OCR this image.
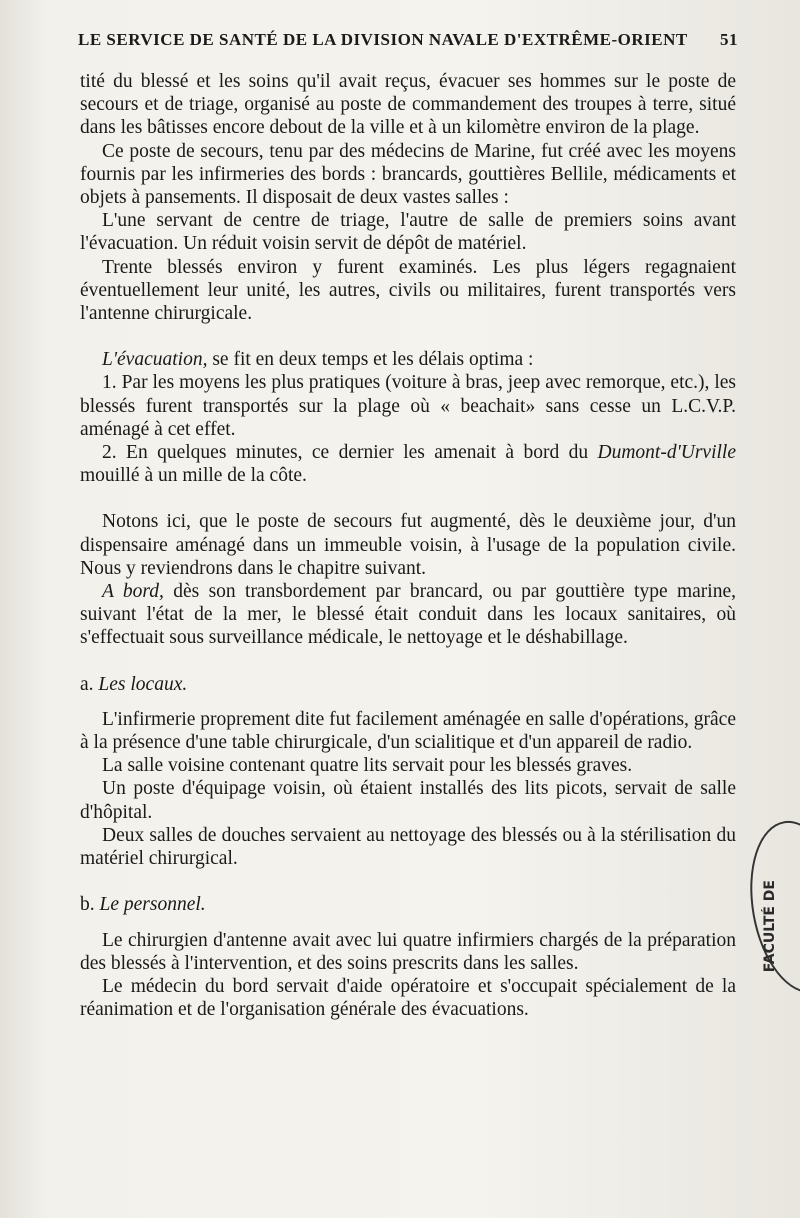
LE SERVICE DE SANTÉ DE LA DIVISION NAVALE D'EXTRÊME-ORIENT 51

tité du blessé et les soins qu'il avait reçus, évacuer ses hommes sur le poste de secours et de triage, organisé au poste de commandement des troupes à terre, situé dans les bâtisses encore debout de la ville et à un kilomètre environ de la plage.

Ce poste de secours, tenu par des médecins de Marine, fut créé avec les moyens fournis par les infirmeries des bords : brancards, gouttières Bellile, médicaments et objets à pansements. Il disposait de deux vastes salles :

L'une servant de centre de triage, l'autre de salle de premiers soins avant l'évacuation. Un réduit voisin servit de dépôt de matériel.

Trente blessés environ y furent examinés. Les plus légers regagnaient éventuellement leur unité, les autres, civils ou militaires, furent transportés vers l'antenne chirurgicale.

L'évacuation, se fit en deux temps et les délais optima :

1. Par les moyens les plus pratiques (voiture à bras, jeep avec remorque, etc.), les blessés furent transportés sur la plage où « beachait» sans cesse un L.C.V.P. aménagé à cet effet.

2. En quelques minutes, ce dernier les amenait à bord du Dumont-d'Urville mouillé à un mille de la côte.

Notons ici, que le poste de secours fut augmenté, dès le deuxième jour, d'un dispensaire aménagé dans un immeuble voisin, à l'usage de la population civile. Nous y reviendrons dans le chapitre suivant.

A bord, dès son transbordement par brancard, ou par gouttière type marine, suivant l'état de la mer, le blessé était conduit dans les locaux sanitaires, où s'effectuait sous surveillance médicale, le nettoyage et le déshabillage.

a. Les locaux.

L'infirmerie proprement dite fut facilement aménagée en salle d'opérations, grâce à la présence d'une table chirurgicale, d'un scialitique et d'un appareil de radio.

La salle voisine contenant quatre lits servait pour les blessés graves.

Un poste d'équipage voisin, où étaient installés des lits picots, servait de salle d'hôpital.

Deux salles de douches servaient au nettoyage des blessés ou à la stérilisation du matériel chirurgical.

b. Le personnel.

Le chirurgien d'antenne avait avec lui quatre infirmiers chargés de la préparation des blessés à l'intervention, et des soins prescrits dans les salles.

Le médecin du bord servait d'aide opératoire et s'occupait spécialement de la réanimation et de l'organisation générale des évacuations.

FACULTÉ DE
